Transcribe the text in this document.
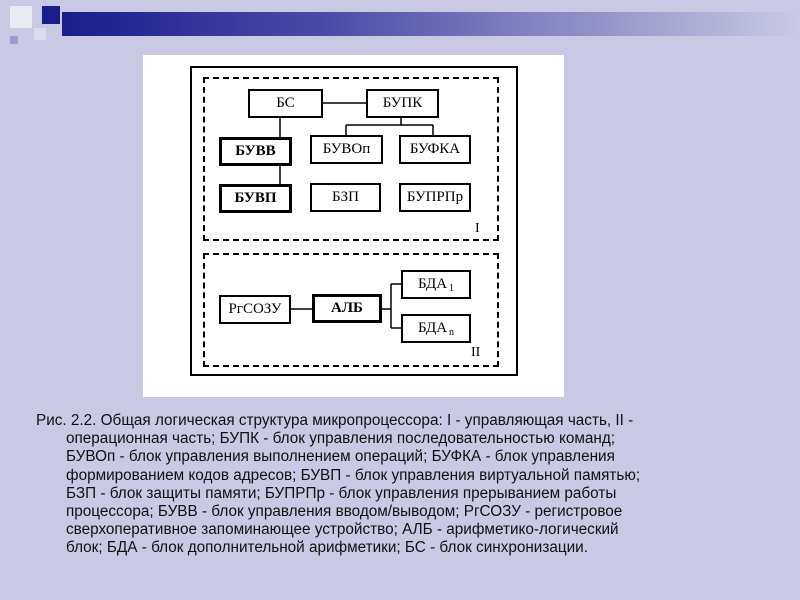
БС	БУПК
БУВВ	БУВОп	БУФКА
БУВП	БЗП	БУПРПр
РгСОЗУ	АЛБ
БДА 1
БДА n
I
II

Рис. 2.2. Общая логическая структура микропроцессора: I - управляющая часть, II -
операционная часть; БУПК - блок управления последовательностью команд;
БУВОп - блок управления выполнением операций; БУФКА - блок управления
формированием кодов адресов; БУВП - блок управления виртуальной памятью;
БЗП - блок защиты памяти; БУПРПр - блок управления прерыванием работы
процессора; БУВВ - блок управления вводом/выводом; РгСОЗУ - регистровое
сверхоперативное запоминающее устройство; АЛБ - арифметико-логический
блок; БДА - блок дополнительной арифметики; БС - блок синхронизации.
